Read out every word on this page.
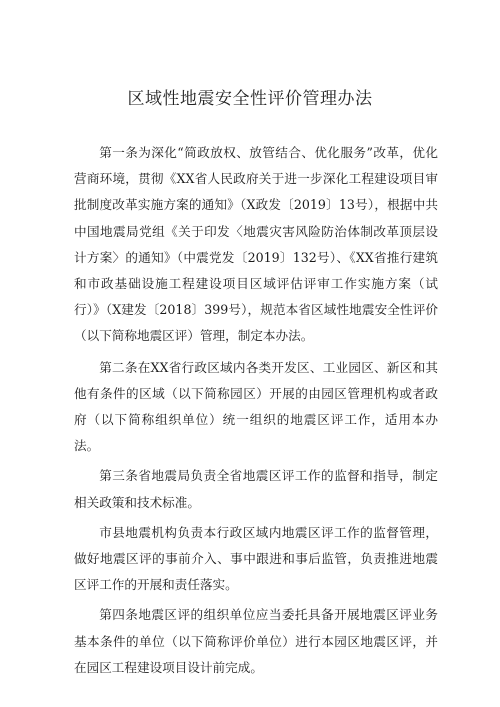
区域性地震安全性评价管理办法

第一条为深化“简政放权、放管结合、优化服务”改革，优化营商环境，贯彻《XX省人民政府关于进一步深化工程建设项目审批制度改革实施方案的通知》（X政发〔2019〕13号），根据中共中国地震局党组《关于印发〈地震灾害风险防治体制改革顶层设计方案〉的通知》（中震党发〔2019〕132号）、《XX省推行建筑和市政基础设施工程建设项目区域评估评审工作实施方案（试行）》（X建发〔2018〕399号），规范本省区域性地震安全性评价（以下简称地震区评）管理，制定本办法。

第二条在XX省行政区域内各类开发区、工业园区、新区和其他有条件的区域（以下简称园区）开展的由园区管理机构或者政府（以下简称组织单位）统一组织的地震区评工作，适用本办法。

第三条省地震局负责全省地震区评工作的监督和指导，制定相关政策和技术标准。

市县地震机构负责本行政区域内地震区评工作的监督管理，做好地震区评的事前介入、事中跟进和事后监管，负责推进地震区评工作的开展和责任落实。

第四条地震区评的组织单位应当委托具备开展地震区评业务基本条件的单位（以下简称评价单位）进行本园区地震区评，并在园区工程建设项目设计前完成。
